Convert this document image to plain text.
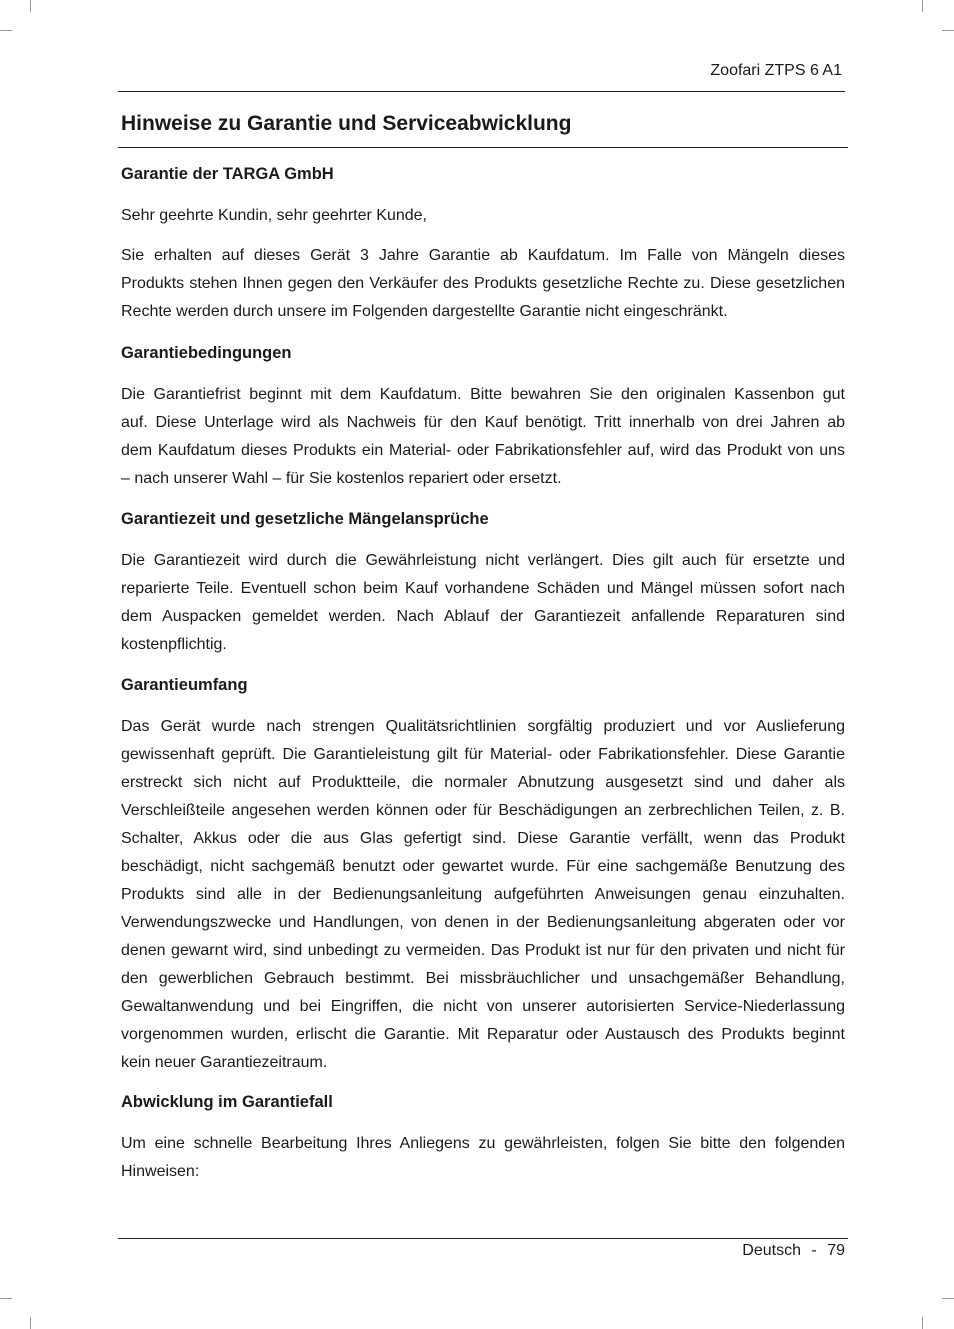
Zoofari ZTPS 6 A1
Hinweise zu Garantie und Serviceabwicklung
Garantie der TARGA GmbH
Sehr geehrte Kundin, sehr geehrter Kunde,
Sie erhalten auf dieses Gerät 3 Jahre Garantie ab Kaufdatum. Im Falle von Mängeln dieses
Produkts stehen Ihnen gegen den Verkäufer des Produkts gesetzliche Rechte zu. Diese gesetzlichen
Rechte werden durch unsere im Folgenden dargestellte Garantie nicht eingeschränkt.
Garantiebedingungen
Die Garantiefrist beginnt mit dem Kaufdatum. Bitte bewahren Sie den originalen Kassenbon gut
auf. Diese Unterlage wird als Nachweis für den Kauf benötigt. Tritt innerhalb von drei Jahren ab
dem Kaufdatum dieses Produkts ein Material- oder Fabrikationsfehler auf, wird das Produkt von uns
– nach unserer Wahl – für Sie kostenlos repariert oder ersetzt.
Garantiezeit und gesetzliche Mängelansprüche
Die Garantiezeit wird durch die Gewährleistung nicht verlängert. Dies gilt auch für ersetzte und
reparierte Teile. Eventuell schon beim Kauf vorhandene Schäden und Mängel müssen sofort nach
dem Auspacken gemeldet werden. Nach Ablauf der Garantiezeit anfallende Reparaturen sind
kostenpflichtig.
Garantieumfang
Das Gerät wurde nach strengen Qualitätsrichtlinien sorgfältig produziert und vor Auslieferung
gewissenhaft geprüft. Die Garantieleistung gilt für Material- oder Fabrikationsfehler. Diese Garantie
erstreckt sich nicht auf Produktteile, die normaler Abnutzung ausgesetzt sind und daher als
Verschleißteile angesehen werden können oder für Beschädigungen an zerbrechlichen Teilen, z. B.
Schalter, Akkus oder die aus Glas gefertigt sind. Diese Garantie verfällt, wenn das Produkt
beschädigt, nicht sachgemäß benutzt oder gewartet wurde. Für eine sachgemäße Benutzung des
Produkts sind alle in der Bedienungsanleitung aufgeführten Anweisungen genau einzuhalten.
Verwendungszwecke und Handlungen, von denen in der Bedienungsanleitung abgeraten oder vor
denen gewarnt wird, sind unbedingt zu vermeiden. Das Produkt ist nur für den privaten und nicht für
den gewerblichen Gebrauch bestimmt. Bei missbräuchlicher und unsachgemäßer Behandlung,
Gewaltanwendung und bei Eingriffen, die nicht von unserer autorisierten Service-Niederlassung
vorgenommen wurden, erlischt die Garantie. Mit Reparatur oder Austausch des Produkts beginnt
kein neuer Garantiezeitraum.
Abwicklung im Garantiefall
Um eine schnelle Bearbeitung Ihres Anliegens zu gewährleisten, folgen Sie bitte den folgenden
Hinweisen:
Deutsch - 79
